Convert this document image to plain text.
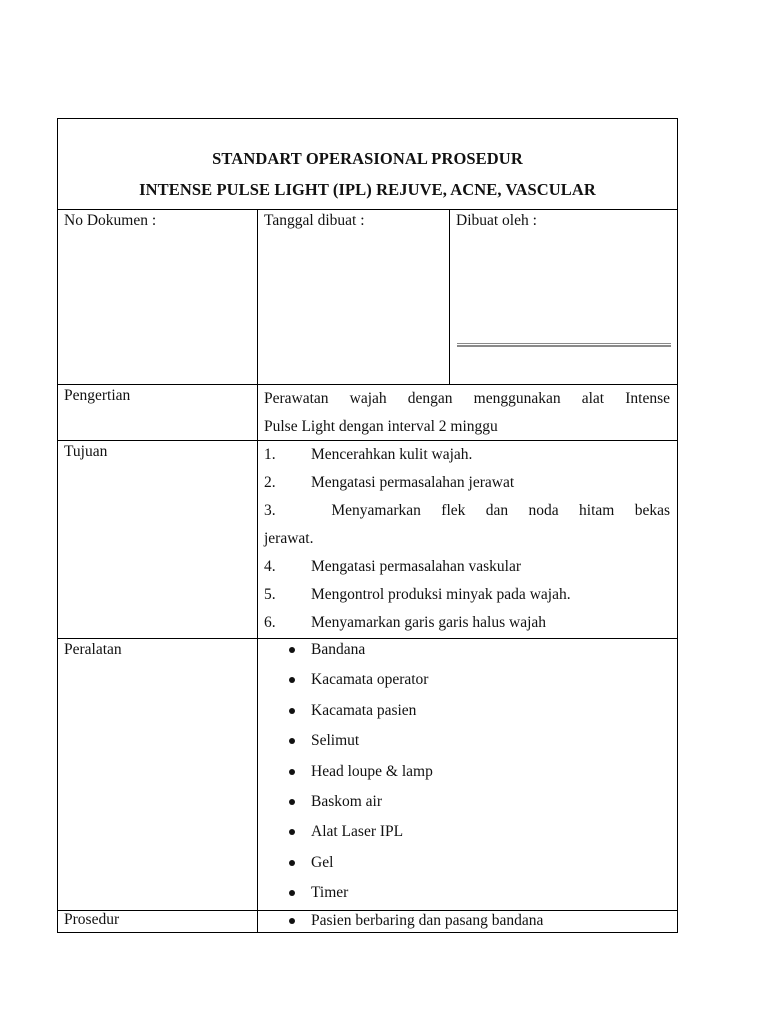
STANDART OPERASIONAL PROSEDUR
INTENSE PULSE LIGHT (IPL) REJUVE, ACNE, VASCULAR
No Dokumen :	Tanggal dibuat :	Dibuat oleh :
Pengertian	Perawatan wajah dengan menggunakan alat Intense
Pulse Light dengan interval 2 minggu
Tujuan	1. Mencerahkan kulit wajah.
2. Mengatasi permasalahan jerawat
3.	Menyamarkan flek dan noda hitam bekas
jerawat.
4. Mengatasi permasalahan vaskular
5. Mengontrol produksi minyak pada wajah.
6. Menyamarkan garis garis halus wajah
Peralatan	Bandana
Kacamata operator
Kacamata pasien
Selimut
Head loupe & lamp
Baskom air
Alat Laser IPL
Gel
Timer
Prosedur	Pasien berbaring dan pasang bandana
